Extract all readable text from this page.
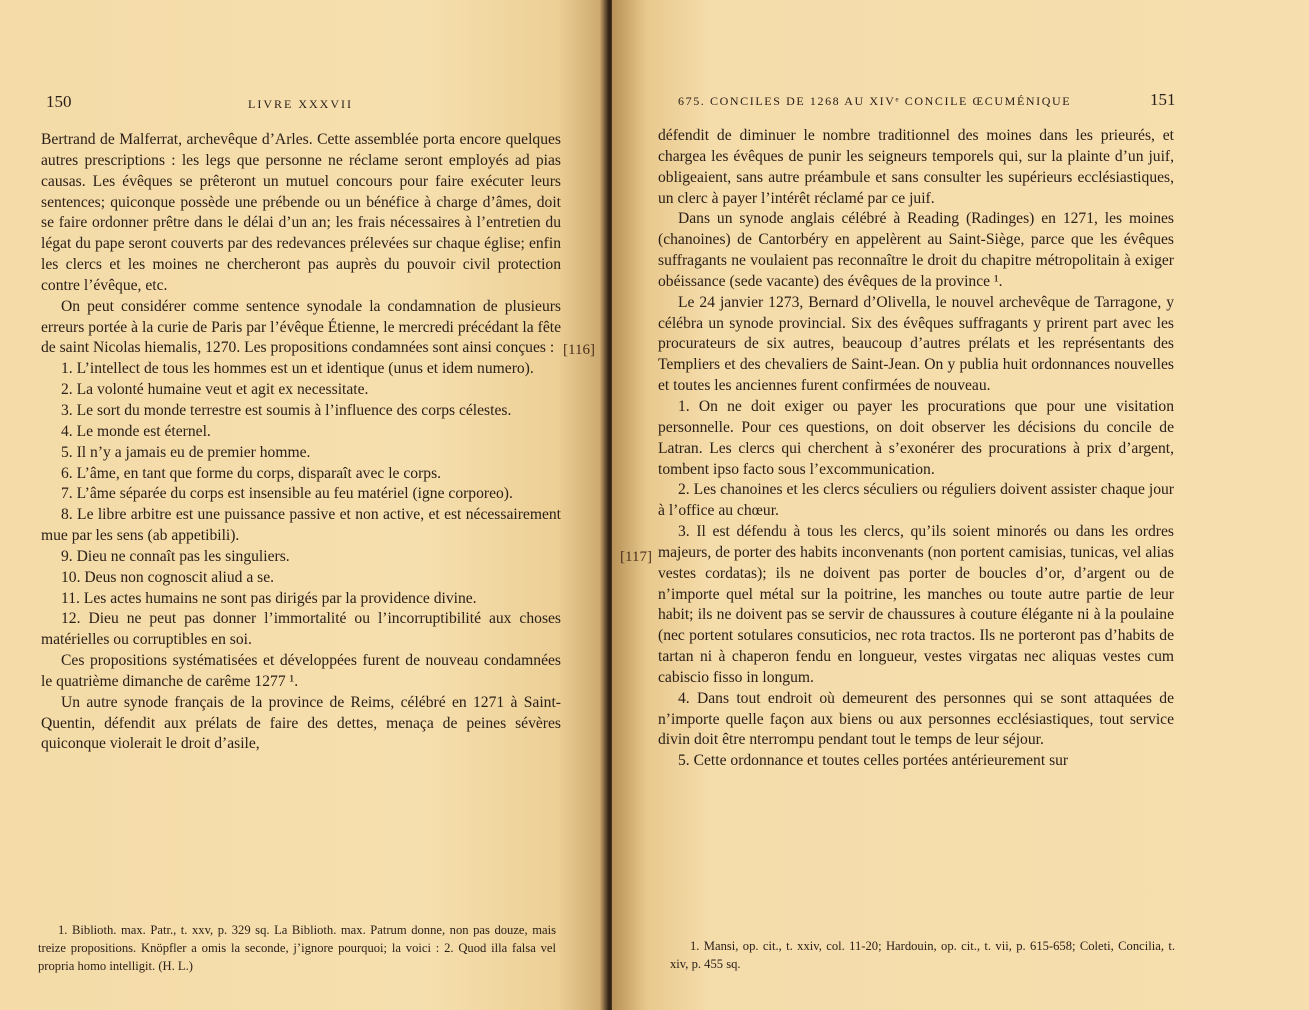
150	LIVRE XXXVII
[116]

Bertrand de Malferrat, archevêque d’Arles. Cette assemblée porta encore quelques autres prescriptions : les legs que personne ne réclame seront employés ad pias causas. Les évêques se prêteront un mutuel concours pour faire exécuter leurs sentences; quiconque possède une prébende ou un bénéfice à charge d’âmes, doit se faire ordonner prêtre dans le délai d’un an; les frais nécessaires à l’entretien du légat du pape seront couverts par des redevances prélevées sur chaque église; enfin les clercs et les moines ne chercheront pas auprès du pouvoir civil protection contre l’évêque, etc.

On peut considérer comme sentence synodale la condamnation de plusieurs erreurs portée à la curie de Paris par l’évêque Étienne, le mercredi précédant la fête de saint Nicolas hiemalis, 1270. Les propositions condamnées sont ainsi conçues :

1. L’intellect de tous les hommes est un et identique (unus et idem numero).

2. La volonté humaine veut et agit ex necessitate.

3. Le sort du monde terrestre est soumis à l’influence des corps célestes.

4. Le monde est éternel.

5. Il n’y a jamais eu de premier homme.

6. L’âme, en tant que forme du corps, disparaît avec le corps.

7. L’âme séparée du corps est insensible au feu matériel (igne corporeo).

8. Le libre arbitre est une puissance passive et non active, et est nécessairement mue par les sens (ab appetibili).

9. Dieu ne connaît pas les singuliers.

10. Deus non cognoscit aliud a se.

11. Les actes humains ne sont pas dirigés par la providence divine.

12. Dieu ne peut pas donner l’immortalité ou l’incorruptibilité aux choses matérielles ou corruptibles en soi.

Ces propositions systématisées et développées furent de nouveau condamnées le quatrième dimanche de carême 1277 ¹.

Un autre synode français de la province de Reims, célébré en 1271 à Saint-Quentin, défendit aux prélats de faire des dettes, menaça de peines sévères quiconque violerait le droit d’asile,

1. Biblioth. max. Patr., t. xxv, p. 329 sq. La Biblioth. max. Patrum donne, non pas douze, mais treize propositions. Knöpfler a omis la seconde, j’ignore pourquoi; la voici : 2. Quod illa falsa vel propria homo intelligit. (H. L.)

675. CONCILES DE 1268 AU XIVᵉ CONCILE ŒCUMÉNIQUE	151
[117]

défendit de diminuer le nombre traditionnel des moines dans les prieurés, et chargea les évêques de punir les seigneurs temporels qui, sur la plainte d’un juif, obligeaient, sans autre préambule et sans consulter les supérieurs ecclésiastiques, un clerc à payer l’intérêt réclamé par ce juif.

Dans un synode anglais célébré à Reading (Radinges) en 1271, les moines (chanoines) de Cantorbéry en appelèrent au Saint-Siège, parce que les évêques suffragants ne voulaient pas reconnaître le droit du chapitre métropolitain à exiger obéissance (sede vacante) des évêques de la province ¹.

Le 24 janvier 1273, Bernard d’Olivella, le nouvel archevêque de Tarragone, y célébra un synode provincial. Six des évêques suffragants y prirent part avec les procurateurs de six autres, beaucoup d’autres prélats et les représentants des Templiers et des chevaliers de Saint-Jean. On y publia huit ordonnances nouvelles et toutes les anciennes furent confirmées de nouveau.

1. On ne doit exiger ou payer les procurations que pour une visitation personnelle. Pour ces questions, on doit observer les décisions du concile de Latran. Les clercs qui cherchent à s’exonérer des procurations à prix d’argent, tombent ipso facto sous l’excommunication.

2. Les chanoines et les clercs séculiers ou réguliers doivent assister chaque jour à l’office au chœur.

3. Il est défendu à tous les clercs, qu’ils soient minorés ou dans les ordres majeurs, de porter des habits inconvenants (non portent camisias, tunicas, vel alias vestes cordatas); ils ne doivent pas porter de boucles d’or, d’argent ou de n’importe quel métal sur la poitrine, les manches ou toute autre partie de leur habit; ils ne doivent pas se servir de chaussures à couture élégante ni à la poulaine (nec portent sotulares consuticios, nec rota tractos. Ils ne porteront pas d’habits de tartan ni à chaperon fendu en longueur, vestes virgatas nec aliquas vestes cum cabiscio fisso in longum.

4. Dans tout endroit où demeurent des personnes qui se sont attaquées de n’importe quelle façon aux biens ou aux personnes ecclésiastiques, tout service divin doit être nterrompu pendant tout le temps de leur séjour.

5. Cette ordonnance et toutes celles portées antérieurement sur

1. Mansi, op. cit., t. xxiv, col. 11-20; Hardouin, op. cit., t. vii, p. 615-658; Coleti, Concilia, t. xiv, p. 455 sq.
